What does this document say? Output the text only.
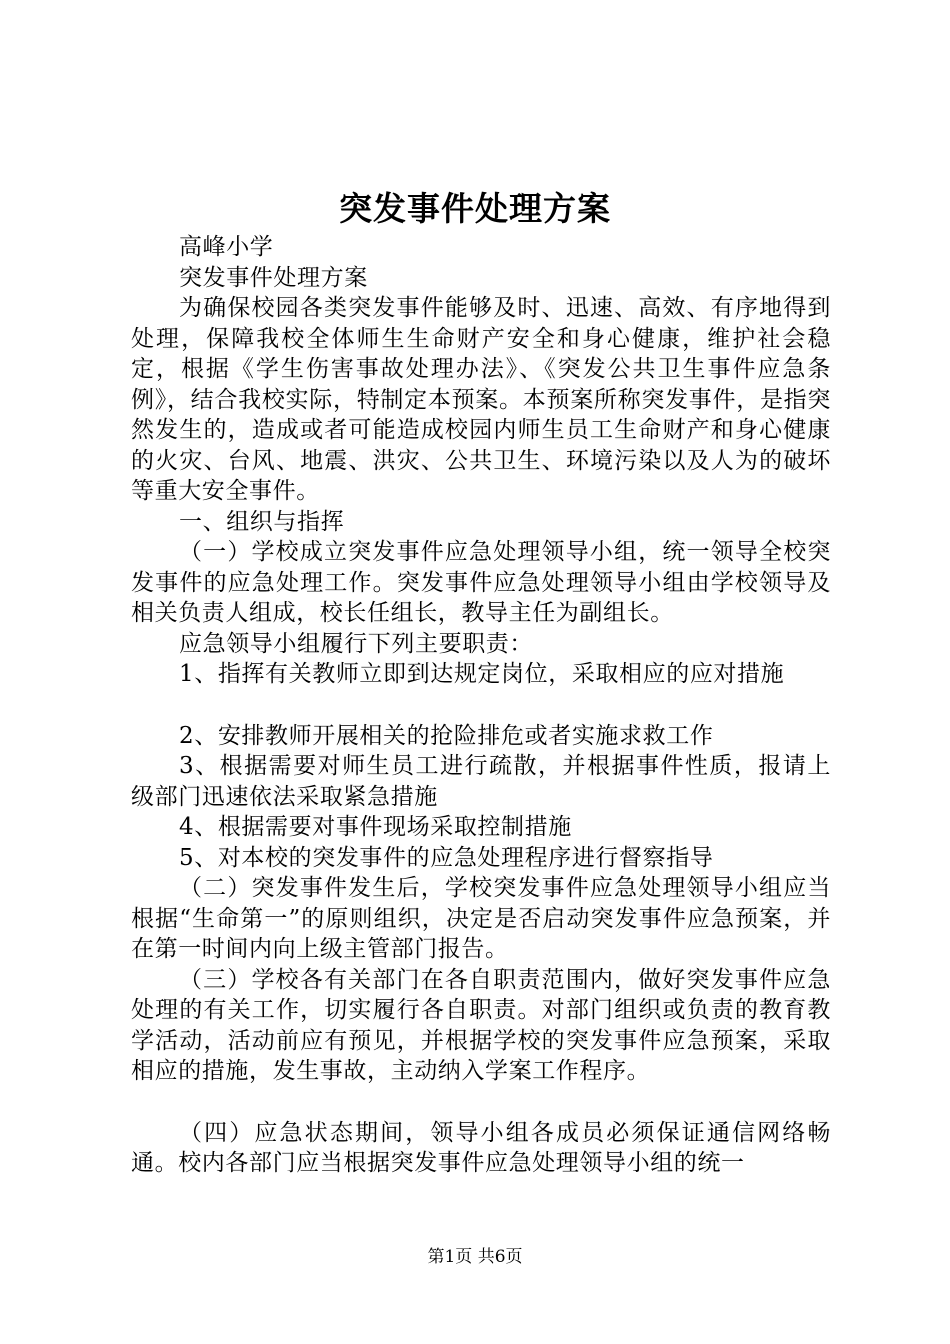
突发事件处理方案

高峰小学

突发事件处理方案

为确保校园各类突发事件能够及时、迅速、高效、有序地得到处理，保障我校全体师生生命财产安全和身心健康，维护社会稳定，根据《学生伤害事故处理办法》、《突发公共卫生事件应急条例》，结合我校实际，特制定本预案。本预案所称突发事件，是指突然发生的，造成或者可能造成校园内师生员工生命财产和身心健康的火灾、台风、地震、洪灾、公共卫生、环境污染以及人为的破坏等重大安全事件。

一、组织与指挥

（一）学校成立突发事件应急处理领导小组，统一领导全校突发事件的应急处理工作。突发事件应急处理领导小组由学校领导及相关负责人组成，校长任组长，教导主任为副组长。

应急领导小组履行下列主要职责：

1、指挥有关教师立即到达规定岗位，采取相应的应对措施

2、安排教师开展相关的抢险排危或者实施求救工作

3、根据需要对师生员工进行疏散，并根据事件性质，报请上级部门迅速依法采取紧急措施

4、根据需要对事件现场采取控制措施

5、对本校的突发事件的应急处理程序进行督察指导

（二）突发事件发生后，学校突发事件应急处理领导小组应当根据“生命第一”的原则组织，决定是否启动突发事件应急预案，并在第一时间内向上级主管部门报告。

（三）学校各有关部门在各自职责范围内，做好突发事件应急处理的有关工作，切实履行各自职责。对部门组织或负责的教育教学活动，活动前应有预见，并根据学校的突发事件应急预案，采取相应的措施，发生事故，主动纳入学案工作程序。

（四）应急状态期间，领导小组各成员必须保证通信网络畅通。校内各部门应当根据突发事件应急处理领导小组的统一

第1页 共6页
